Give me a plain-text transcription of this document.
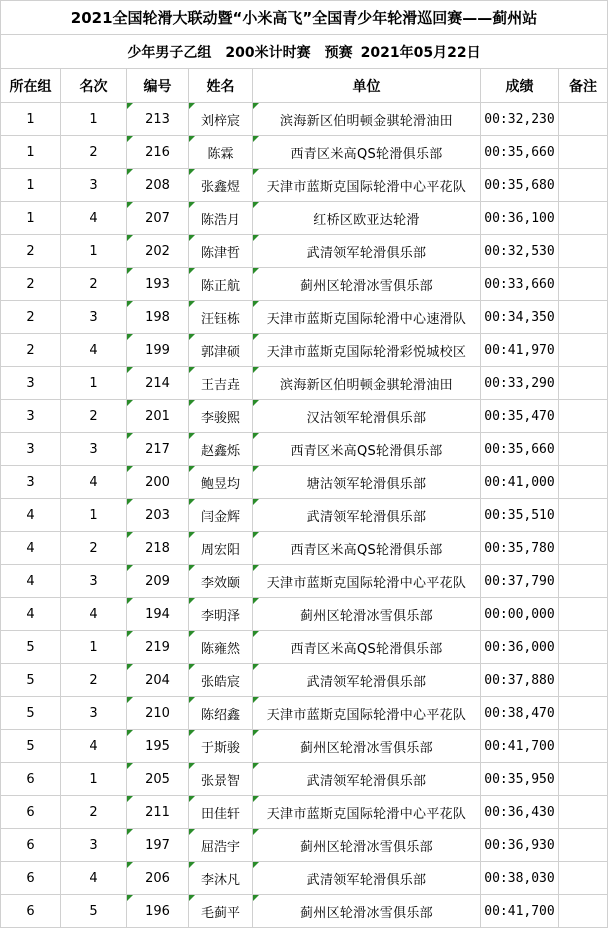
2021全国轮滑大联动暨“小米高飞”全国青少年轮滑巡回赛——蓟州站						
少年男子乙组 200米计时赛 预赛 2021年05月22日						
所在组	名次	编号	姓名	单位	成绩	备注
1	1	213	刘梓宸	滨海新区伯明顿金骐轮滑油田	00:32,230	
1	2	216	陈霖	西青区米高QS轮滑俱乐部	00:35,660	
1	3	208	张鑫煜	天津市蓝斯克国际轮滑中心平花队	00:35,680	
1	4	207	陈浩月	红桥区欧亚达轮滑	00:36,100	
2	1	202	陈津哲	武清领军轮滑俱乐部	00:32,530	
2	2	193	陈正航	蓟州区轮滑冰雪俱乐部	00:33,660	
2	3	198	汪钰栋	天津市蓝斯克国际轮滑中心速滑队	00:34,350	
2	4	199	郭津硕	天津市蓝斯克国际轮滑彩悦城校区	00:41,970	
3	1	214	王吉垚	滨海新区伯明顿金骐轮滑油田	00:33,290	
3	2	201	李骏熙	汉沽领军轮滑俱乐部	00:35,470	
3	3	217	赵鑫烁	西青区米高QS轮滑俱乐部	00:35,660	
3	4	200	鲍昱均	塘沽领军轮滑俱乐部	00:41,000	
4	1	203	闫金辉	武清领军轮滑俱乐部	00:35,510	
4	2	218	周宏阳	西青区米高QS轮滑俱乐部	00:35,780	
4	3	209	李效颐	天津市蓝斯克国际轮滑中心平花队	00:37,790	
4	4	194	李明泽	蓟州区轮滑冰雪俱乐部	00:00,000	
5	1	219	陈雍然	西青区米高QS轮滑俱乐部	00:36,000	
5	2	204	张皓宸	武清领军轮滑俱乐部	00:37,880	
5	3	210	陈绍鑫	天津市蓝斯克国际轮滑中心平花队	00:38,470	
5	4	195	于斯骏	蓟州区轮滑冰雪俱乐部	00:41,700	
6	1	205	张景智	武清领军轮滑俱乐部	00:35,950	
6	2	211	田佳轩	天津市蓝斯克国际轮滑中心平花队	00:36,430	
6	3	197	屈浩宇	蓟州区轮滑冰雪俱乐部	00:36,930	
6	4	206	李沐凡	武清领军轮滑俱乐部	00:38,030	
6	5	196	毛蓟平	蓟州区轮滑冰雪俱乐部	00:41,700	
